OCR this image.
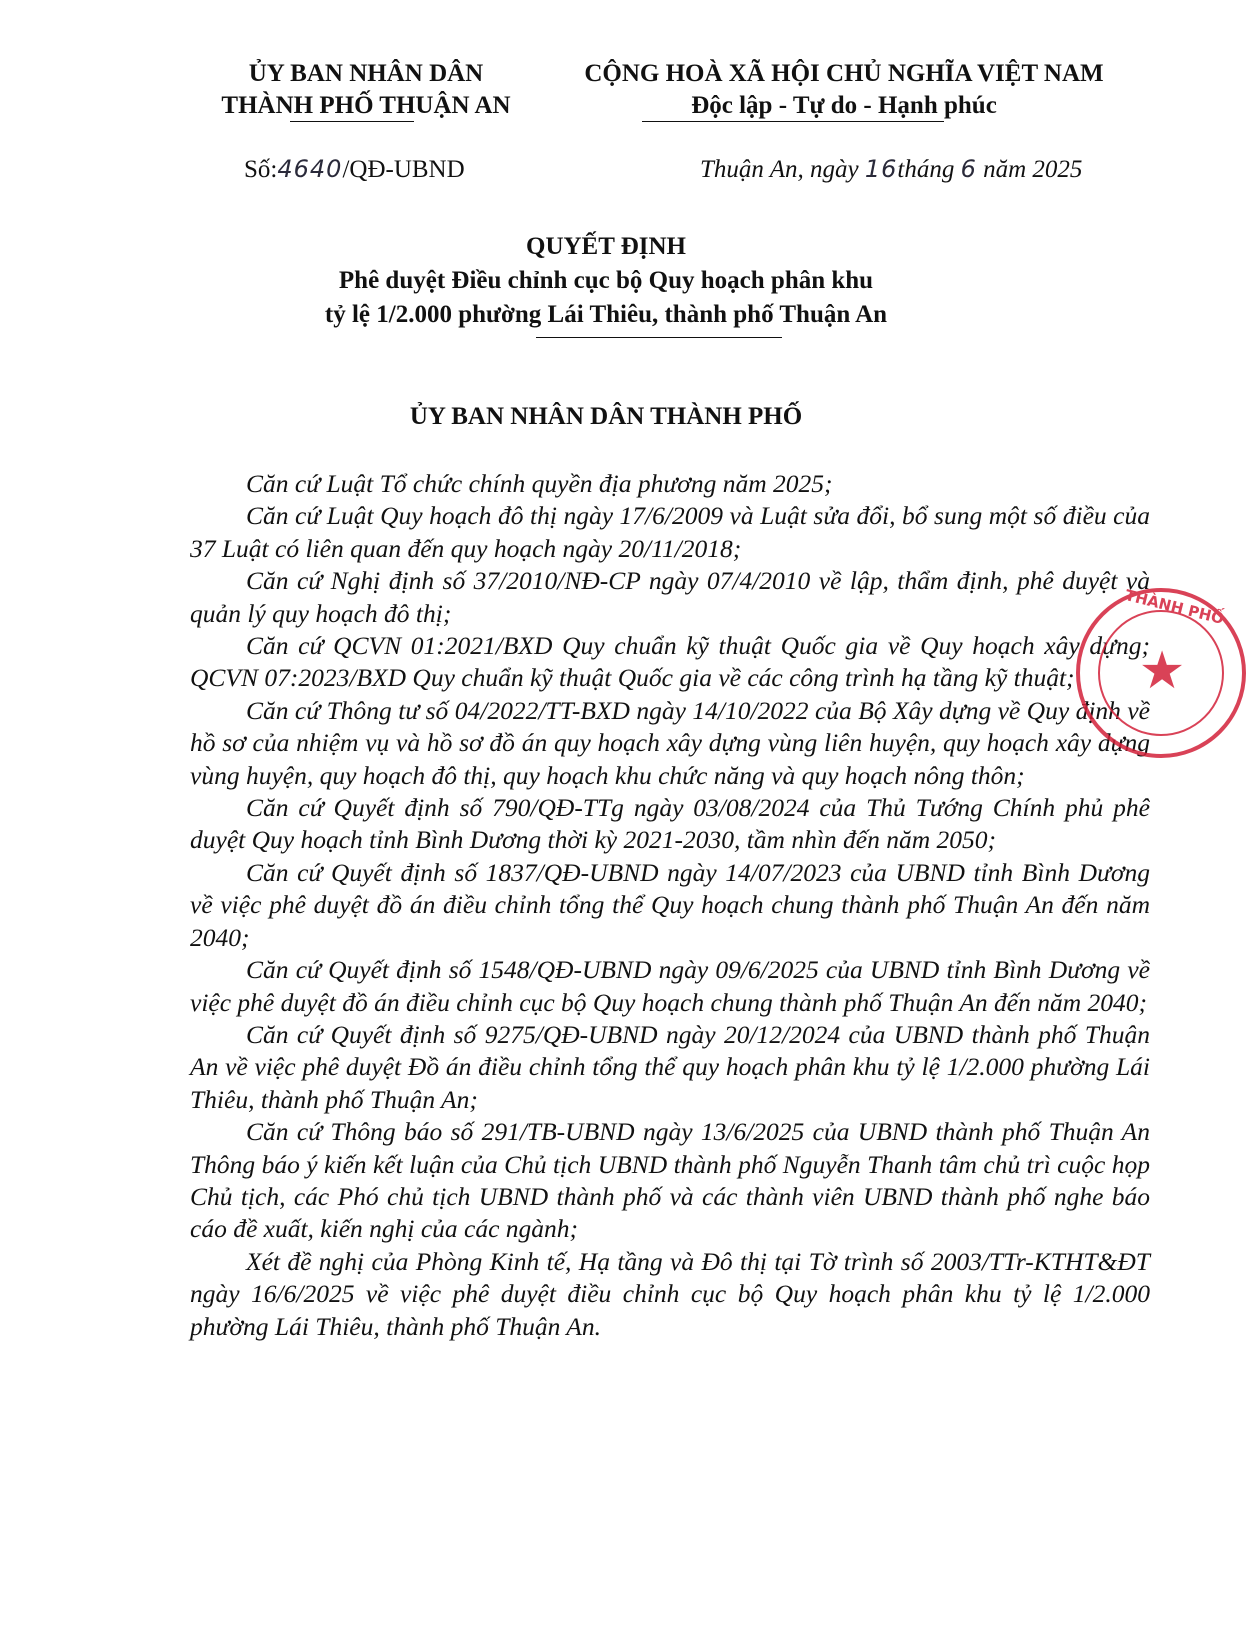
ỦY BAN NHÂN DÂN
THÀNH PHỐ THUẬN AN
CỘNG HOÀ XÃ HỘI CHỦ NGHĨA VIỆT NAM
Độc lập - Tự do - Hạnh phúc
Số:4640/QĐ-UBND	Thuận An, ngày 16tháng 6 năm 2025
QUYẾT ĐỊNH
Phê duyệt Điều chỉnh cục bộ Quy hoạch phân khu
tỷ lệ 1/2.000 phường Lái Thiêu, thành phố Thuận An
ỦY BAN NHÂN DÂN THÀNH PHỐ

Căn cứ Luật Tổ chức chính quyền địa phương năm 2025;

Căn cứ Luật Quy hoạch đô thị ngày 17/6/2009 và Luật sửa đổi, bổ sung một số điều của 37 Luật có liên quan đến quy hoạch ngày 20/11/2018;

Căn cứ Nghị định số 37/2010/NĐ-CP ngày 07/4/2010 về lập, thẩm định, phê duyệt và quản lý quy hoạch đô thị;

Căn cứ QCVN 01:2021/BXD Quy chuẩn kỹ thuật Quốc gia về Quy hoạch xây dựng; QCVN 07:2023/BXD Quy chuẩn kỹ thuật Quốc gia về các công trình hạ tầng kỹ thuật;

Căn cứ Thông tư số 04/2022/TT-BXD ngày 14/10/2022 của Bộ Xây dựng về Quy định về hồ sơ của nhiệm vụ và hồ sơ đồ án quy hoạch xây dựng vùng liên huyện, quy hoạch xây dựng vùng huyện, quy hoạch đô thị, quy hoạch khu chức năng và quy hoạch nông thôn;

Căn cứ Quyết định số 790/QĐ-TTg ngày 03/08/2024 của Thủ Tướng Chính phủ phê duyệt Quy hoạch tỉnh Bình Dương thời kỳ 2021-2030, tầm nhìn đến năm 2050;

Căn cứ Quyết định số 1837/QĐ-UBND ngày 14/07/2023 của UBND tỉnh Bình Dương về việc phê duyệt đồ án điều chỉnh tổng thể Quy hoạch chung thành phố Thuận An đến năm 2040;

Căn cứ Quyết định số 1548/QĐ-UBND ngày 09/6/2025 của UBND tỉnh Bình Dương về việc phê duyệt đồ án điều chỉnh cục bộ Quy hoạch chung thành phố Thuận An đến năm 2040;

Căn cứ Quyết định số 9275/QĐ-UBND ngày 20/12/2024 của UBND thành phố Thuận An về việc phê duyệt Đồ án điều chỉnh tổng thể quy hoạch phân khu tỷ lệ 1/2.000 phường Lái Thiêu, thành phố Thuận An;

Căn cứ Thông báo số 291/TB-UBND ngày 13/6/2025 của UBND thành phố Thuận An Thông báo ý kiến kết luận của Chủ tịch UBND thành phố Nguyễn Thanh tâm chủ trì cuộc họp Chủ tịch, các Phó chủ tịch UBND thành phố và các thành viên UBND thành phố nghe báo cáo đề xuất, kiến nghị của các ngành;

Xét đề nghị của Phòng Kinh tế, Hạ tầng và Đô thị tại Tờ trình số 2003/TTr-KTHT&ĐT ngày 16/6/2025 về việc phê duyệt điều chỉnh cục bộ Quy hoạch phân khu tỷ lệ 1/2.000 phường Lái Thiêu, thành phố Thuận An.

THÀNH PHỐ
★
